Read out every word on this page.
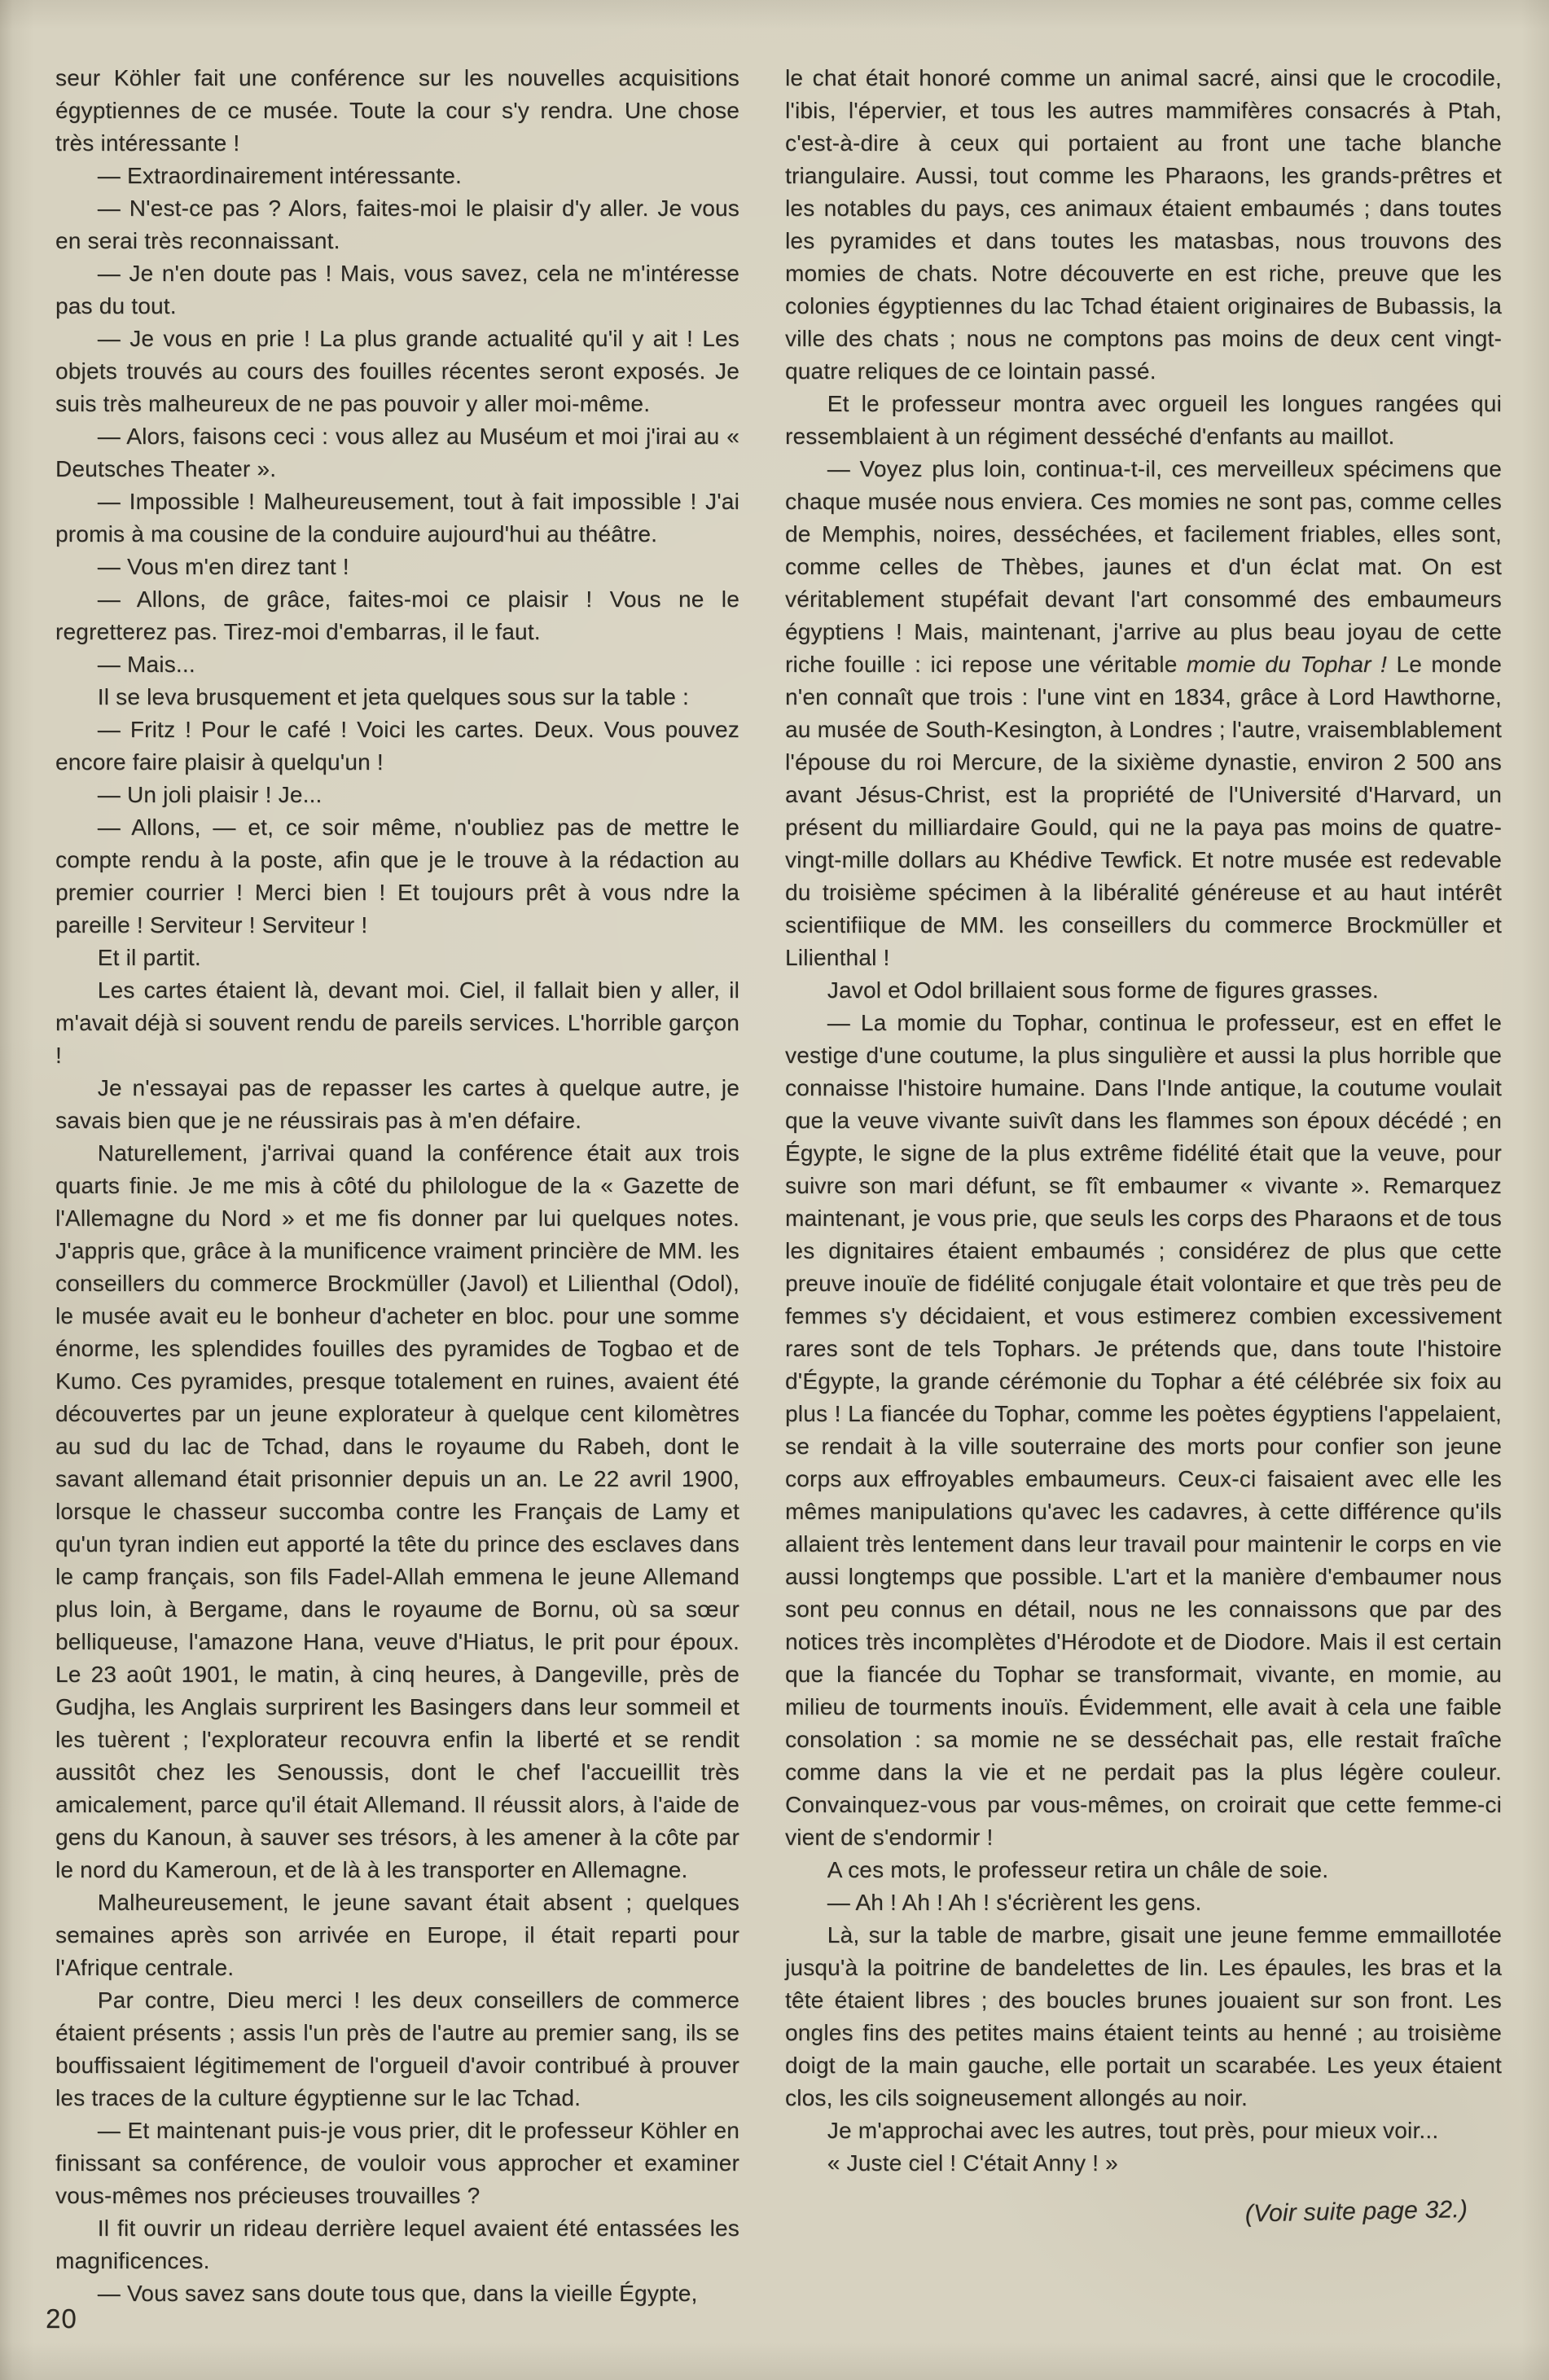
seur Köhler fait une conférence sur les nouvelles acquisitions égyptiennes de ce musée. Toute la cour s'y rendra. Une chose très intéressante !

— Extraordinairement intéressante.

— N'est-ce pas ? Alors, faites-moi le plaisir d'y aller. Je vous en serai très reconnaissant.

— Je n'en doute pas ! Mais, vous savez, cela ne m'intéresse pas du tout.

— Je vous en prie ! La plus grande actualité qu'il y ait ! Les objets trouvés au cours des fouilles récentes seront exposés. Je suis très malheureux de ne pas pouvoir y aller moi-même.

— Alors, faisons ceci : vous allez au Muséum et moi j'irai au « Deutsches Theater ».

— Impossible ! Malheureusement, tout à fait impossible ! J'ai promis à ma cousine de la conduire aujourd'hui au théâtre.

— Vous m'en direz tant !

— Allons, de grâce, faites-moi ce plaisir ! Vous ne le regretterez pas. Tirez-moi d'embarras, il le faut.

— Mais...

Il se leva brusquement et jeta quelques sous sur la table :

— Fritz ! Pour le café ! Voici les cartes. Deux. Vous pouvez encore faire plaisir à quelqu'un !

— Un joli plaisir ! Je...

— Allons, — et, ce soir même, n'oubliez pas de mettre le compte rendu à la poste, afin que je le trouve à la rédaction au premier courrier ! Merci bien ! Et toujours prêt à vous ndre la pareille ! Serviteur ! Serviteur !

Et il partit.

Les cartes étaient là, devant moi. Ciel, il fallait bien y aller, il m'avait déjà si souvent rendu de pareils services. L'horrible garçon !

Je n'essayai pas de repasser les cartes à quelque autre, je savais bien que je ne réussirais pas à m'en défaire.

Naturellement, j'arrivai quand la conférence était aux trois quarts finie. Je me mis à côté du philologue de la « Gazette de l'Allemagne du Nord » et me fis donner par lui quelques notes. J'appris que, grâce à la munificence vraiment princière de MM. les conseillers du commerce Brockmüller (Javol) et Lilienthal (Odol), le musée avait eu le bonheur d'acheter en bloc. pour une somme énorme, les splendides fouilles des pyramides de Togbao et de Kumo. Ces pyramides, presque totalement en ruines, avaient été découvertes par un jeune explorateur à quelque cent kilomètres au sud du lac de Tchad, dans le royaume du Rabeh, dont le savant allemand était prisonnier depuis un an. Le 22 avril 1900, lorsque le chasseur succomba contre les Français de Lamy et qu'un tyran indien eut apporté la tête du prince des esclaves dans le camp français, son fils Fadel-Allah emmena le jeune Allemand plus loin, à Bergame, dans le royaume de Bornu, où sa sœur belliqueuse, l'amazone Hana, veuve d'Hiatus, le prit pour époux. Le 23 août 1901, le matin, à cinq heures, à Dangeville, près de Gudjha, les Anglais surprirent les Basingers dans leur sommeil et les tuèrent ; l'explorateur recouvra enfin la liberté et se rendit aussitôt chez les Senoussis, dont le chef l'accueillit très amicalement, parce qu'il était Allemand. Il réussit alors, à l'aide de gens du Kanoun, à sauver ses trésors, à les amener à la côte par le nord du Kameroun, et de là à les transporter en Allemagne.

Malheureusement, le jeune savant était absent ; quelques semaines après son arrivée en Europe, il était reparti pour l'Afrique centrale.

Par contre, Dieu merci ! les deux conseillers de commerce étaient présents ; assis l'un près de l'autre au premier sang, ils se bouffissaient légitimement de l'orgueil d'avoir contribué à prouver les traces de la culture égyptienne sur le lac Tchad.

— Et maintenant puis-je vous prier, dit le professeur Köhler en finissant sa conférence, de vouloir vous approcher et examiner vous-mêmes nos précieuses trouvailles ?

Il fit ouvrir un rideau derrière lequel avaient été entassées les magnificences.

— Vous savez sans doute tous que, dans la vieille Égypte,

le chat était honoré comme un animal sacré, ainsi que le crocodile, l'ibis, l'épervier, et tous les autres mammifères consacrés à Ptah, c'est-à-dire à ceux qui portaient au front une tache blanche triangulaire. Aussi, tout comme les Pharaons, les grands-prêtres et les notables du pays, ces animaux étaient embaumés ; dans toutes les pyramides et dans toutes les matasbas, nous trouvons des momies de chats. Notre découverte en est riche, preuve que les colonies égyptiennes du lac Tchad étaient originaires de Bubassis, la ville des chats ; nous ne comptons pas moins de deux cent vingt-quatre reliques de ce lointain passé.

Et le professeur montra avec orgueil les longues rangées qui ressemblaient à un régiment desséché d'enfants au maillot.

— Voyez plus loin, continua-t-il, ces merveilleux spécimens que chaque musée nous enviera. Ces momies ne sont pas, comme celles de Memphis, noires, desséchées, et facilement friables, elles sont, comme celles de Thèbes, jaunes et d'un éclat mat. On est véritablement stupéfait devant l'art consommé des embaumeurs égyptiens ! Mais, maintenant, j'arrive au plus beau joyau de cette riche fouille : ici repose une véritable momie du Tophar ! Le monde n'en connaît que trois : l'une vint en 1834, grâce à Lord Hawthorne, au musée de South-Kesington, à Londres ; l'autre, vraisemblablement l'épouse du roi Mercure, de la sixième dynastie, environ 2 500 ans avant Jésus-Christ, est la propriété de l'Université d'Harvard, un présent du milliardaire Gould, qui ne la paya pas moins de quatre-vingt-mille dollars au Khédive Tewfick. Et notre musée est redevable du troisième spécimen à la libéralité généreuse et au haut intérêt scientifiique de MM. les conseillers du commerce Brockmüller et Lilienthal !

Javol et Odol brillaient sous forme de figures grasses.

— La momie du Tophar, continua le professeur, est en effet le vestige d'une coutume, la plus singulière et aussi la plus horrible que connaisse l'histoire humaine. Dans l'Inde antique, la coutume voulait que la veuve vivante suivît dans les flammes son époux décédé ; en Égypte, le signe de la plus extrême fidélité était que la veuve, pour suivre son mari défunt, se fît embaumer « vivante ». Remarquez maintenant, je vous prie, que seuls les corps des Pharaons et de tous les dignitaires étaient embaumés ; considérez de plus que cette preuve inouïe de fidélité conjugale était volontaire et que très peu de femmes s'y décidaient, et vous estimerez combien excessivement rares sont de tels Tophars. Je prétends que, dans toute l'histoire d'Égypte, la grande cérémonie du Tophar a été célébrée six foix au plus ! La fiancée du Tophar, comme les poètes égyptiens l'appelaient, se rendait à la ville souterraine des morts pour confier son jeune corps aux effroyables embaumeurs. Ceux-ci faisaient avec elle les mêmes manipulations qu'avec les cadavres, à cette différence qu'ils allaient très lentement dans leur travail pour maintenir le corps en vie aussi longtemps que possible. L'art et la manière d'embaumer nous sont peu connus en détail, nous ne les connaissons que par des notices très incomplètes d'Hérodote et de Diodore. Mais il est certain que la fiancée du Tophar se transformait, vivante, en momie, au milieu de tourments inouïs. Évidemment, elle avait à cela une faible consolation : sa momie ne se desséchait pas, elle restait fraîche comme dans la vie et ne perdait pas la plus légère couleur. Convainquez-vous par vous-mêmes, on croirait que cette femme-ci vient de s'endormir !

A ces mots, le professeur retira un châle de soie.

— Ah ! Ah ! Ah ! s'écrièrent les gens.

Là, sur la table de marbre, gisait une jeune femme emmaillotée jusqu'à la poitrine de bandelettes de lin. Les épaules, les bras et la tête étaient libres ; des boucles brunes jouaient sur son front. Les ongles fins des petites mains étaient teints au henné ; au troisième doigt de la main gauche, elle portait un scarabée. Les yeux étaient clos, les cils soigneusement allongés au noir.

Je m'approchai avec les autres, tout près, pour mieux voir...

« Juste ciel ! C'était Anny ! »

(Voir suite page 32.)

20
